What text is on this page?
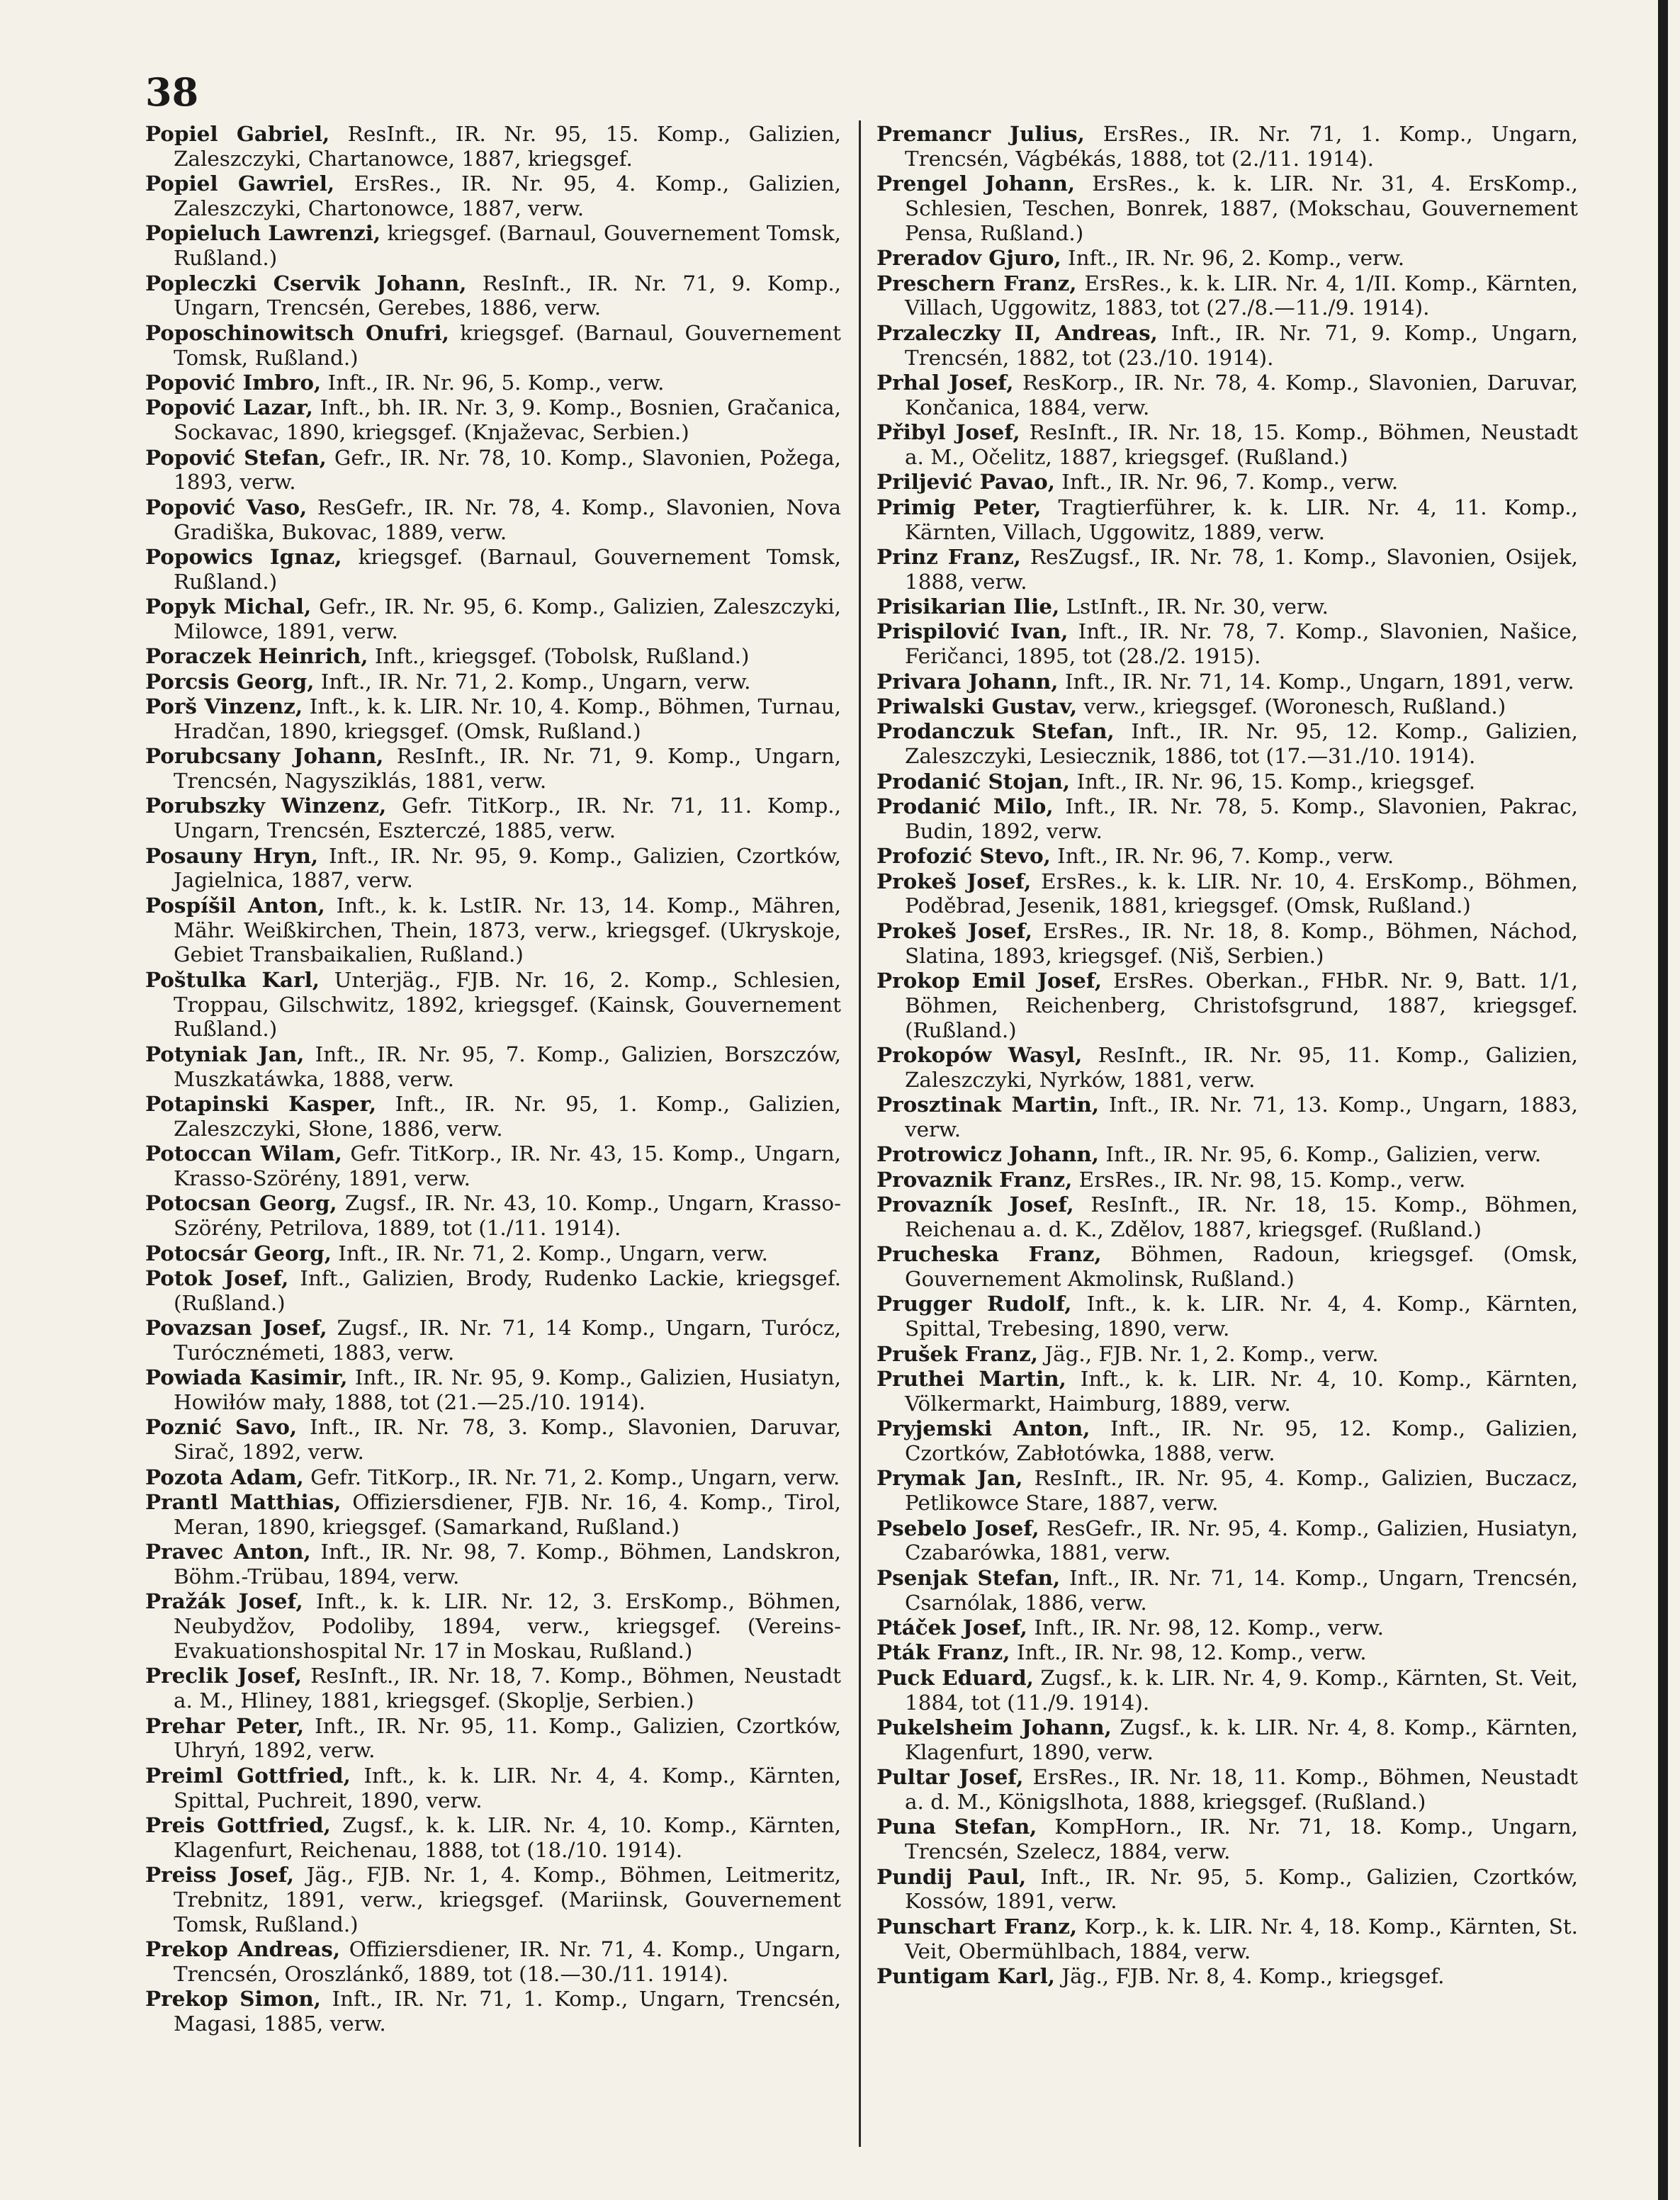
38

Popiel Gabriel, ResInft., IR. Nr. 95, 15. Komp., Galizien, Zaleszczyki, Chartanowce, 1887, kriegsgef.

Popiel Gawriel, ErsRes., IR. Nr. 95, 4. Komp., Galizien, Zaleszczyki, Chartonowce, 1887, verw.

Popieluch Lawrenzi, kriegsgef. (Barnaul, Gouvernement Tomsk, Rußland.)

Popleczki Cservik Johann, ResInft., IR. Nr. 71, 9. Komp., Ungarn, Trencsén, Gerebes, 1886, verw.

Poposchinowitsch Onufri, kriegsgef. (Barnaul, Gouvernement Tomsk, Rußland.)

Popović Imbro, Inft., IR. Nr. 96, 5. Komp., verw.

Popović Lazar, Inft., bh. IR. Nr. 3, 9. Komp., Bosnien, Gračanica, Sockavac, 1890, kriegsgef. (Knjaževac, Serbien.)

Popović Stefan, Gefr., IR. Nr. 78, 10. Komp., Slavonien, Požega, 1893, verw.

Popović Vaso, ResGefr., IR. Nr. 78, 4. Komp., Slavonien, Nova Gradiška, Bukovac, 1889, verw.

Popowics Ignaz, kriegsgef. (Barnaul, Gouvernement Tomsk, Rußland.)

Popyk Michal, Gefr., IR. Nr. 95, 6. Komp., Galizien, Zaleszczyki, Milowce, 1891, verw.

Poraczek Heinrich, Inft., kriegsgef. (Tobolsk, Rußland.)

Porcsis Georg, Inft., IR. Nr. 71, 2. Komp., Ungarn, verw.

Porš Vinzenz, Inft., k. k. LIR. Nr. 10, 4. Komp., Böhmen, Turnau, Hradčan, 1890, kriegsgef. (Omsk, Rußland.)

Porubcsany Johann, ResInft., IR. Nr. 71, 9. Komp., Ungarn, Trencsén, Nagysziklás, 1881, verw.

Porubszky Winzenz, Gefr. TitKorp., IR. Nr. 71, 11. Komp., Ungarn, Trencsén, Eszterczé, 1885, verw.

Posauny Hryn, Inft., IR. Nr. 95, 9. Komp., Galizien, Czortków, Jagielnica, 1887, verw.

Pospíšil Anton, Inft., k. k. LstIR. Nr. 13, 14. Komp., Mähren, Mähr. Weißkirchen, Thein, 1873, verw., kriegsgef. (Ukryskoje, Gebiet Transbaikalien, Rußland.)

Poštulka Karl, Unterjäg., FJB. Nr. 16, 2. Komp., Schlesien, Troppau, Gilschwitz, 1892, kriegsgef. (Kainsk, Gouvernement Rußland.)

Potyniak Jan, Inft., IR. Nr. 95, 7. Komp., Galizien, Borszczów, Muszkatáwka, 1888, verw.

Potapinski Kasper, Inft., IR. Nr. 95, 1. Komp., Galizien, Zaleszczyki, Słone, 1886, verw.

Potoccan Wilam, Gefr. TitKorp., IR. Nr. 43, 15. Komp., Ungarn, Krasso-Szörény, 1891, verw.

Potocsan Georg, Zugsf., IR. Nr. 43, 10. Komp., Ungarn, Krasso-Szörény, Petrilova, 1889, tot (1./11. 1914).

Potocsár Georg, Inft., IR. Nr. 71, 2. Komp., Ungarn, verw.

Potok Josef, Inft., Galizien, Brody, Rudenko Lackie, kriegsgef. (Rußland.)

Povazsan Josef, Zugsf., IR. Nr. 71, 14 Komp., Ungarn, Turócz, Turócznémeti, 1883, verw.

Powiada Kasimir, Inft., IR. Nr. 95, 9. Komp., Galizien, Husiatyn, Howiłów mały, 1888, tot (21.—25./10. 1914).

Poznić Savo, Inft., IR. Nr. 78, 3. Komp., Slavonien, Daruvar, Sirač, 1892, verw.

Pozota Adam, Gefr. TitKorp., IR. Nr. 71, 2. Komp., Ungarn, verw.

Prantl Matthias, Offiziersdiener, FJB. Nr. 16, 4. Komp., Tirol, Meran, 1890, kriegsgef. (Samarkand, Rußland.)

Pravec Anton, Inft., IR. Nr. 98, 7. Komp., Böhmen, Landskron, Böhm.-Trübau, 1894, verw.

Pražák Josef, Inft., k. k. LIR. Nr. 12, 3. ErsKomp., Böhmen, Neubydžov, Podoliby, 1894, verw., kriegsgef. (Vereins-Evakuationshospital Nr. 17 in Moskau, Rußland.)

Preclik Josef, ResInft., IR. Nr. 18, 7. Komp., Böhmen, Neustadt a. M., Hliney, 1881, kriegsgef. (Skoplje, Serbien.)

Prehar Peter, Inft., IR. Nr. 95, 11. Komp., Galizien, Czortków, Uhryń, 1892, verw.

Preiml Gottfried, Inft., k. k. LIR. Nr. 4, 4. Komp., Kärnten, Spittal, Puchreit, 1890, verw.

Preis Gottfried, Zugsf., k. k. LIR. Nr. 4, 10. Komp., Kärnten, Klagenfurt, Reichenau, 1888, tot (18./10. 1914).

Preiss Josef, Jäg., FJB. Nr. 1, 4. Komp., Böhmen, Leitmeritz, Trebnitz, 1891, verw., kriegsgef. (Mariinsk, Gouvernement Tomsk, Rußland.)

Prekop Andreas, Offiziersdiener, IR. Nr. 71, 4. Komp., Ungarn, Trencsén, Oroszlánkő, 1889, tot (18.—30./11. 1914).

Prekop Simon, Inft., IR. Nr. 71, 1. Komp., Ungarn, Trencsén, Magasi, 1885, verw.

Premancr Julius, ErsRes., IR. Nr. 71, 1. Komp., Ungarn, Trencsén, Vágbékás, 1888, tot (2./11. 1914).

Prengel Johann, ErsRes., k. k. LIR. Nr. 31, 4. ErsKomp., Schlesien, Teschen, Bonrek, 1887, (Mokschau, Gouvernement Pensa, Rußland.)

Preradov Gjuro, Inft., IR. Nr. 96, 2. Komp., verw.

Preschern Franz, ErsRes., k. k. LIR. Nr. 4, 1/II. Komp., Kärnten, Villach, Uggowitz, 1883, tot (27./8.—11./9. 1914).

Przaleczky II, Andreas, Inft., IR. Nr. 71, 9. Komp., Ungarn, Trencsén, 1882, tot (23./10. 1914).

Prhal Josef, ResKorp., IR. Nr. 78, 4. Komp., Slavonien, Daruvar, Končanica, 1884, verw.

Přibyl Josef, ResInft., IR. Nr. 18, 15. Komp., Böhmen, Neustadt a. M., Očelitz, 1887, kriegsgef. (Rußland.)

Priljević Pavao, Inft., IR. Nr. 96, 7. Komp., verw.

Primig Peter, Tragtierführer, k. k. LIR. Nr. 4, 11. Komp., Kärnten, Villach, Uggowitz, 1889, verw.

Prinz Franz, ResZugsf., IR. Nr. 78, 1. Komp., Slavonien, Osijek, 1888, verw.

Prisikarian Ilie, LstInft., IR. Nr. 30, verw.

Prispilović Ivan, Inft., IR. Nr. 78, 7. Komp., Slavonien, Našice, Feričanci, 1895, tot (28./2. 1915).

Privara Johann, Inft., IR. Nr. 71, 14. Komp., Ungarn, 1891, verw.

Priwalski Gustav, verw., kriegsgef. (Woronesch, Rußland.)

Prodanczuk Stefan, Inft., IR. Nr. 95, 12. Komp., Galizien, Zaleszczyki, Lesiecznik, 1886, tot (17.—31./10. 1914).

Prodanić Stojan, Inft., IR. Nr. 96, 15. Komp., kriegsgef.

Prodanić Milo, Inft., IR. Nr. 78, 5. Komp., Slavonien, Pakrac, Budin, 1892, verw.

Profozić Stevo, Inft., IR. Nr. 96, 7. Komp., verw.

Prokeš Josef, ErsRes., k. k. LIR. Nr. 10, 4. ErsKomp., Böhmen, Poděbrad, Jesenik, 1881, kriegsgef. (Omsk, Rußland.)

Prokeš Josef, ErsRes., IR. Nr. 18, 8. Komp., Böhmen, Náchod, Slatina, 1893, kriegsgef. (Niš, Serbien.)

Prokop Emil Josef, ErsRes. Oberkan., FHbR. Nr. 9, Batt. 1/1, Böhmen, Reichenberg, Christofsgrund, 1887, kriegsgef. (Rußland.)

Prokopów Wasyl, ResInft., IR. Nr. 95, 11. Komp., Galizien, Zaleszczyki, Nyrków, 1881, verw.

Prosztinak Martin, Inft., IR. Nr. 71, 13. Komp., Ungarn, 1883, verw.

Protrowicz Johann, Inft., IR. Nr. 95, 6. Komp., Galizien, verw.

Provaznik Franz, ErsRes., IR. Nr. 98, 15. Komp., verw.

Provazník Josef, ResInft., IR. Nr. 18, 15. Komp., Böhmen, Reichenau a. d. K., Zdělov, 1887, kriegsgef. (Rußland.)

Prucheska Franz, Böhmen, Radoun, kriegsgef. (Omsk, Gouvernement Akmolinsk, Rußland.)

Prugger Rudolf, Inft., k. k. LIR. Nr. 4, 4. Komp., Kärnten, Spittal, Trebesing, 1890, verw.

Prušek Franz, Jäg., FJB. Nr. 1, 2. Komp., verw.

Pruthei Martin, Inft., k. k. LIR. Nr. 4, 10. Komp., Kärnten, Völkermarkt, Haimburg, 1889, verw.

Pryjemski Anton, Inft., IR. Nr. 95, 12. Komp., Galizien, Czortków, Zabłotówka, 1888, verw.

Prymak Jan, ResInft., IR. Nr. 95, 4. Komp., Galizien, Buczacz, Petlikowce Stare, 1887, verw.

Psebelo Josef, ResGefr., IR. Nr. 95, 4. Komp., Galizien, Husiatyn, Czabarówka, 1881, verw.

Psenjak Stefan, Inft., IR. Nr. 71, 14. Komp., Ungarn, Trencsén, Csarnólak, 1886, verw.

Ptáček Josef, Inft., IR. Nr. 98, 12. Komp., verw.

Pták Franz, Inft., IR. Nr. 98, 12. Komp., verw.

Puck Eduard, Zugsf., k. k. LIR. Nr. 4, 9. Komp., Kärnten, St. Veit, 1884, tot (11./9. 1914).

Pukelsheim Johann, Zugsf., k. k. LIR. Nr. 4, 8. Komp., Kärnten, Klagenfurt, 1890, verw.

Pultar Josef, ErsRes., IR. Nr. 18, 11. Komp., Böhmen, Neustadt a. d. M., Königslhota, 1888, kriegsgef. (Rußland.)

Puna Stefan, KompHorn., IR. Nr. 71, 18. Komp., Ungarn, Trencsén, Szelecz, 1884, verw.

Pundij Paul, Inft., IR. Nr. 95, 5. Komp., Galizien, Czortków, Kossów, 1891, verw.

Punschart Franz, Korp., k. k. LIR. Nr. 4, 18. Komp., Kärnten, St. Veit, Obermühlbach, 1884, verw.

Puntigam Karl, Jäg., FJB. Nr. 8, 4. Komp., kriegsgef.
